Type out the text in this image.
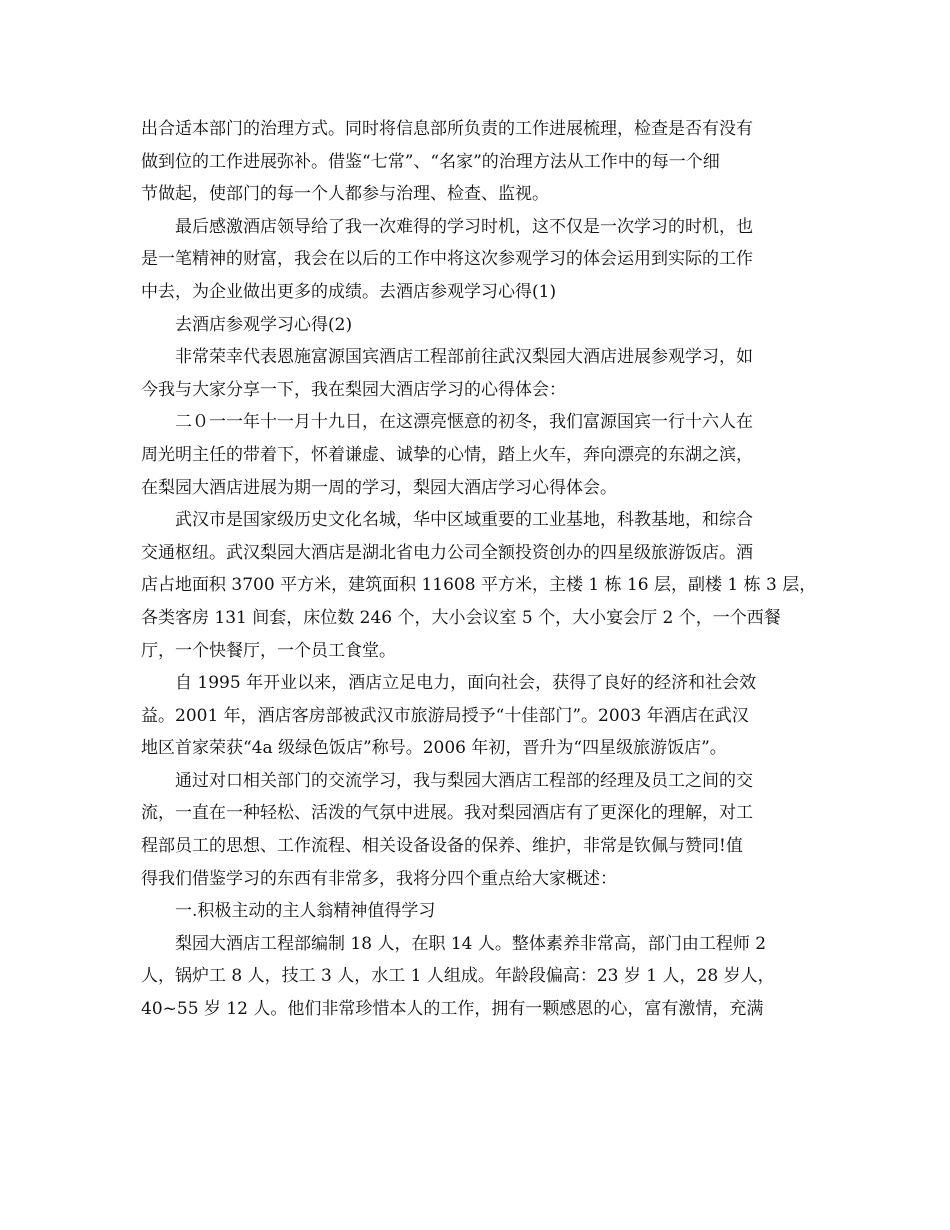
出合适本部门的治理方式。同时将信息部所负责的工作进展梳理，检查是否有没有
做到位的工作进展弥补。借鉴“七常”、“名家”的治理方法从工作中的每一个细
节做起，使部门的每一个人都参与治理、检查、监视。
最后感激酒店领导给了我一次难得的学习时机，这不仅是一次学习的时机，也
是一笔精神的财富，我会在以后的工作中将这次参观学习的体会运用到实际的工作
中去，为企业做出更多的成绩。去酒店参观学习心得(1)
去酒店参观学习心得(2)
非常荣幸代表恩施富源国宾酒店工程部前往武汉梨园大酒店进展参观学习，如
今我与大家分享一下，我在梨园大酒店学习的心得体会：
二０一一年十一月十九日，在这漂亮惬意的初冬，我们富源国宾一行十六人在
周光明主任的带着下，怀着谦虚、诚挚的心情，踏上火车，奔向漂亮的东湖之滨，
在梨园大酒店进展为期一周的学习，梨园大酒店学习心得体会。
武汉市是国家级历史文化名城，华中区域重要的工业基地，科教基地，和综合
交通枢纽。武汉梨园大酒店是湖北省电力公司全额投资创办的四星级旅游饭店。酒
店占地面积 3700 平方米，建筑面积 11608 平方米，主楼 1 栋 16 层，副楼 1 栋 3 层，
各类客房 131 间套，床位数 246 个，大小会议室 5 个，大小宴会厅 2 个，一个西餐
厅，一个快餐厅，一个员工食堂。
自 1995 年开业以来，酒店立足电力，面向社会，获得了良好的经济和社会效
益。2001 年，酒店客房部被武汉市旅游局授予“十佳部门”。2003 年酒店在武汉
地区首家荣获“4a 级绿色饭店”称号。2006 年初，晋升为“四星级旅游饭店”。
通过对口相关部门的交流学习，我与梨园大酒店工程部的经理及员工之间的交
流，一直在一种轻松、活泼的气氛中进展。我对梨园酒店有了更深化的理解，对工
程部员工的思想、工作流程、相关设备设备的保养、维护，非常是钦佩与赞同!值
得我们借鉴学习的东西有非常多，我将分四个重点给大家概述：
一.积极主动的主人翁精神值得学习
梨园大酒店工程部编制 18 人，在职 14 人。整体素养非常高，部门由工程师 2
人，锅炉工 8 人，技工 3 人，水工 1 人组成。年龄段偏高：23 岁 1 人，28 岁人，
40~55 岁 12 人。他们非常珍惜本人的工作，拥有一颗感恩的心，富有激情，充满
